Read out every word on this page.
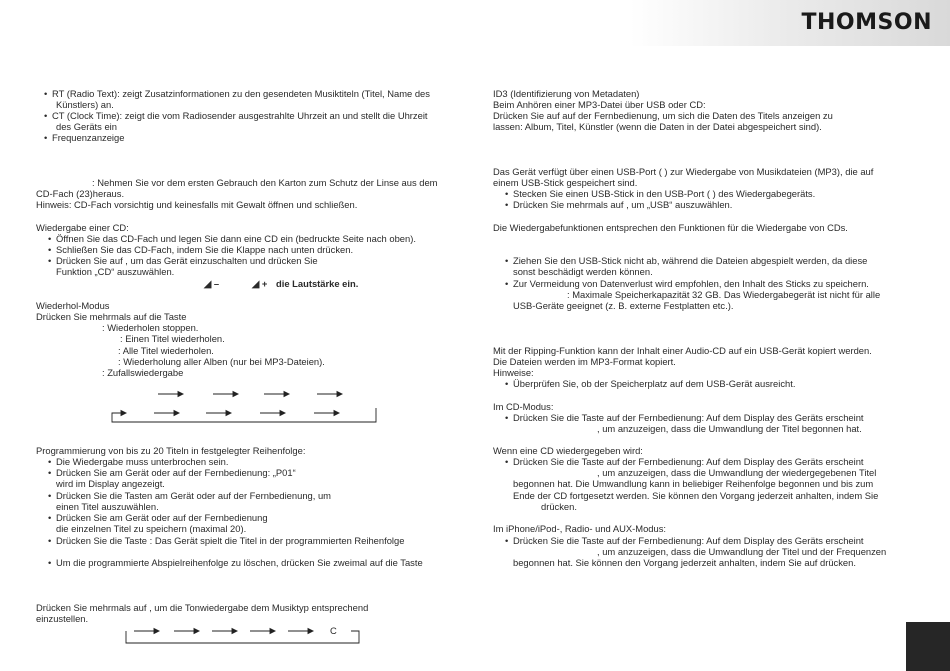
THOMSON
• RT (Radio Text): zeigt Zusatzinformationen zu den gesendeten Musiktiteln (Titel, Name des
Künstlers) an.
• CT (Clock Time): zeigt die vom Radiosender ausgestrahlte Uhrzeit an und stellt die Uhrzeit
des Geräts ein
• Frequenzanzeige
: Nehmen Sie vor dem ersten Gebrauch den Karton zum Schutz der Linse aus dem
CD-Fach (23)heraus.
Hinweis: CD-Fach vorsichtig und keinesfalls mit Gewalt öffnen und schließen.
Wiedergabe einer CD:
• Öffnen Sie das CD-Fach und legen Sie dann eine CD ein (bedruckte Seite nach oben).
• Schließen Sie das CD-Fach, indem Sie die Klappe nach unten drücken.
• Drücken Sie auf , um das Gerät einzuschalten und drücken Sie
Funktion „CD“ auszuwählen.
◢ –	◢ + die Lautstärke ein.
Wiederhol-Modus
Drücken Sie mehrmals auf die Taste
: Wiederholen stoppen.
: Einen Titel wiederholen.
: Alle Titel wiederholen.
: Wiederholung aller Alben (nur bei MP3-Dateien).
: Zufallswiedergabe
Programmierung von bis zu 20 Titeln in festgelegter Reihenfolge:
• Die Wiedergabe muss unterbrochen sein.
• Drücken Sie am Gerät oder auf der Fernbedienung: „P01“
wird im Display angezeigt.
• Drücken Sie die Tasten am Gerät oder auf der Fernbedienung, um
einen Titel auszuwählen.
• Drücken Sie am Gerät oder auf der Fernbedienung
die einzelnen Titel zu speichern (maximal 20).
• Drücken Sie die Taste : Das Gerät spielt die Titel in der programmierten Reihenfolge
• Um die programmierte Abspielreihenfolge zu löschen, drücken Sie zweimal auf die Taste
Drücken Sie mehrmals auf , um die Tonwiedergabe dem Musiktyp entsprechend
einzustellen.
C
ID3 (Identifizierung von Metadaten)
Beim Anhören einer MP3-Datei über USB oder CD:
Drücken Sie auf auf der Fernbedienung, um sich die Daten des Titels anzeigen zu
lassen: Album, Titel, Künstler (wenn die Daten in der Datei abgespeichert sind).
Das Gerät verfügt über einen USB-Port ( ) zur Wiedergabe von Musikdateien (MP3), die auf
einem USB-Stick gespeichert sind.
• Stecken Sie einen USB-Stick in den USB-Port ( ) des Wiedergabegeräts.
• Drücken Sie mehrmals auf , um „USB“ auszuwählen.
Die Wiedergabefunktionen entsprechen den Funktionen für die Wiedergabe von CDs.
• Ziehen Sie den USB-Stick nicht ab, während die Dateien abgespielt werden, da diese
sonst beschädigt werden können.
• Zur Vermeidung von Datenverlust wird empfohlen, den Inhalt des Sticks zu speichern.
: Maximale Speicherkapazität 32 GB. Das Wiedergabegerät ist nicht für alle
USB-Geräte geeignet (z. B. externe Festplatten etc.).
Mit der Ripping-Funktion kann der Inhalt einer Audio-CD auf ein USB-Gerät kopiert werden.
Die Dateien werden im MP3-Format kopiert.
Hinweise:
• Überprüfen Sie, ob der Speicherplatz auf dem USB-Gerät ausreicht.
Im CD-Modus:
• Drücken Sie die Taste auf der Fernbedienung: Auf dem Display des Geräts erscheint
, um anzuzeigen, dass die Umwandlung der Titel begonnen hat.
Wenn eine CD wiedergegeben wird:
• Drücken Sie die Taste auf der Fernbedienung: Auf dem Display des Geräts erscheint
, um anzuzeigen, dass die Umwandlung der wiedergegebenen Titel
begonnen hat. Die Umwandlung kann in beliebiger Reihenfolge begonnen und bis zum
Ende der CD fortgesetzt werden. Sie können den Vorgang jederzeit anhalten, indem Sie
drücken.
Im iPhone/iPod-, Radio- und AUX-Modus:
• Drücken Sie die Taste auf der Fernbedienung: Auf dem Display des Geräts erscheint
, um anzuzeigen, dass die Umwandlung der Titel und der Frequenzen
begonnen hat. Sie können den Vorgang jederzeit anhalten, indem Sie auf drücken.
